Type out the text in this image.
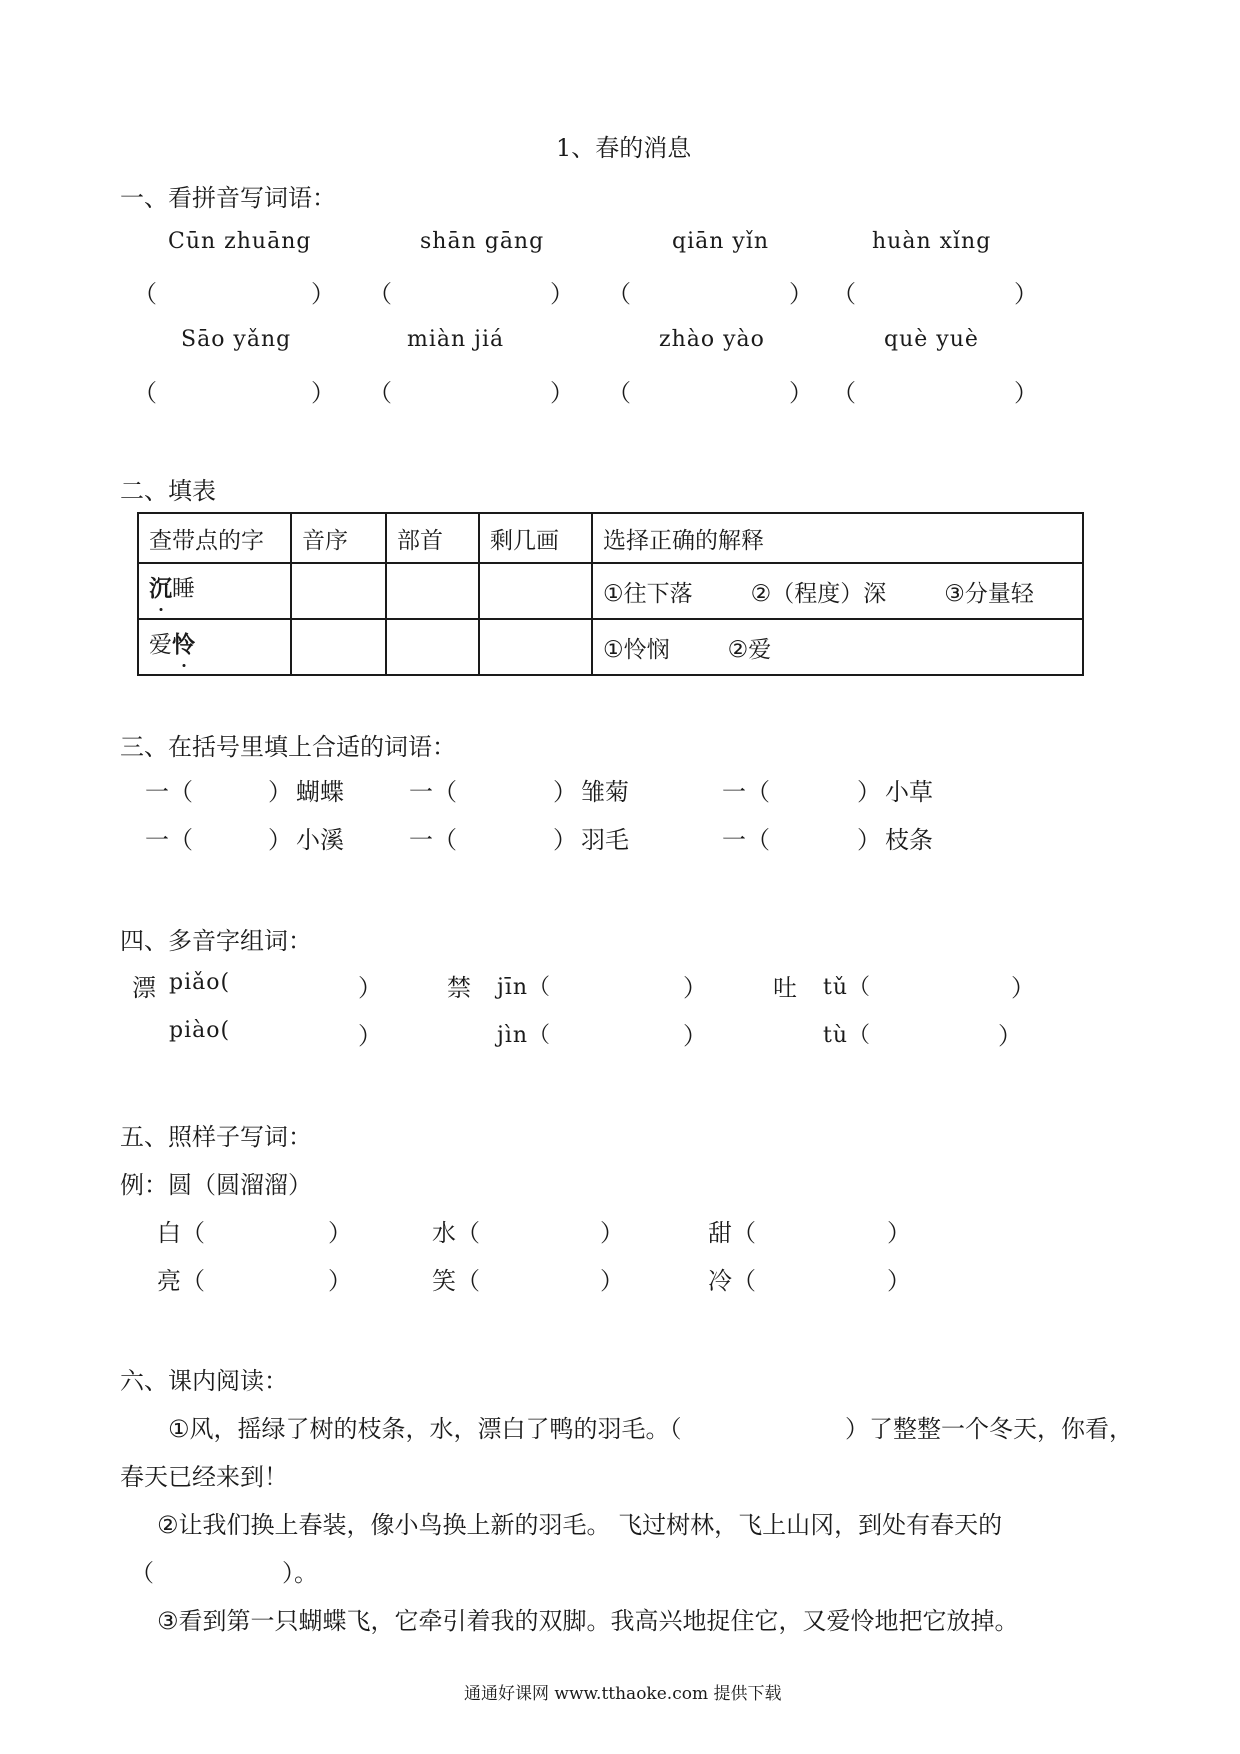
1、春的消息
一、看拼音写词语：
Cūn zhuāng	shān gāng	qiān yǐn	huàn xǐng
（	） （	） （	） （	）
Sāo yǎng	miàn jiá	zhào yào	què yuè
（	） （	） （	） （	）
二、填表
查带点的字	音序	部首	剩几画	选择正确的解释
沉睡				①往下落 ②（程度）深 ③分量轻
爱怜				①怜悯 ②爱
三、在括号里填上合适的词语：
一（	） 蝴蝶	一（	） 雏菊	一（	） 小草
一（	） 小溪	一（	） 羽毛	一（	） 枝条
四、多音字组词：
漂 piǎo(	）	禁 jīn（	）	吐 tǔ（	）
piào(	）	jìn（	）	tù（	）
五、照样子写词：
例：圆（圆溜溜）
白（	）	水（	）	甜（	）
亮（	）	笑（	）	冷（	）
六、课内阅读：
①风，摇绿了树的枝条，水，漂白了鸭的羽毛。（	）了整整一个冬天，你看，
春天已经来到！
②让我们换上春装，像小鸟换上新的羽毛。 飞过树林，飞上山冈，到处有春天的
（	）。
③看到第一只蝴蝶飞，它牵引着我的双脚。我高兴地捉住它，又爱怜地把它放掉。
通通好课网 www.tthaoke.com 提供下载
